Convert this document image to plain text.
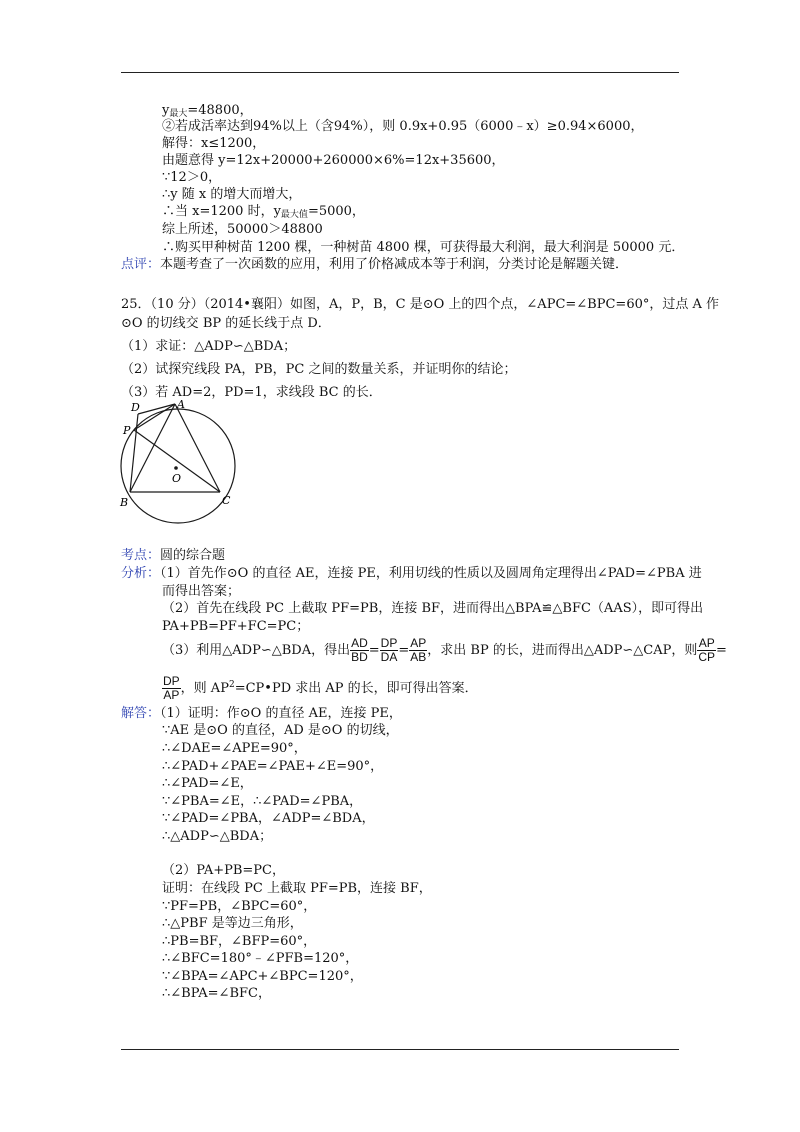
$y_{最大}=48800$，
②若成活率达到94%以上（含94%），则 0.9x+0.95（6000﹣x）≥0.94×6000，
解得：x≤1200，
由题意得 y=12x+20000+260000×6%=12x+35600，
∵12＞0，
∴y 随 x 的增大而增大，
∴当 x=1200 时，$y_{最大值}=5000$，
综上所述，50000＞48800
∴购买甲种树苗 1200 棵，一种树苗 4800 棵，可获得最大利润，最大利润是 50000 元．
点评：本题考查了一次函数的应用，利用了价格减成本等于利润，分类讨论是解题关键．
25．（10 分）（2014•襄阳）如图，A，P，B，C 是⊙O 上的四个点，∠APC=∠BPC=60°，过点 A 作
⊙O 的切线交 BP 的延长线于点 D．
（1）求证：△ADP∽△BDA；
（2）试探究线段 PA，PB，PC 之间的数量关系，并证明你的结论；
（3）若 AD=2，PD=1，求线段 BC 的长．
D	A
P
O
B	C
考点：圆的综合题
分析：（1）首先作⊙O 的直径 AE，连接 PE，利用切线的性质以及圆周角定理得出∠PAD=∠PBA 进
而得出答案；
（2）首先在线段 PC 上截取 PF=PB，连接 BF，进而得出△BPA≌△BFC（AAS），即可得出
PA+PB=PF+FC=PC；
（3）利用△ADP∽△BDA，得出 $\frac{AD}{BD} = \frac{DP}{DA} = \frac{AP}{AB}$ ，求出 BP 的长，进而得出△ADP∽△CAP，则 $\frac{AP}{CP}$ =
$\frac{DP}{AP}$ ，则 $AP^2=CP•PD$ 求出 AP 的长，即可得出答案．
解答：（1）证明：作⊙O 的直径 AE，连接 PE，
∵AE 是⊙O 的直径，AD 是⊙O 的切线，
∴∠DAE=∠APE=90°，
∴∠PAD+∠PAE=∠PAE+∠E=90°，
∴∠PAD=∠E，
∵∠PBA=∠E，∴∠PAD=∠PBA，
∵∠PAD=∠PBA，∠ADP=∠BDA，
∴△ADP∽△BDA；
（2）PA+PB=PC，
证明：在线段 PC 上截取 PF=PB，连接 BF，
∵PF=PB，∠BPC=60°，
∴△PBF 是等边三角形，
∴PB=BF，∠BFP=60°，
∴∠BFC=180°﹣∠PFB=120°，
∵∠BPA=∠APC+∠BPC=120°，
∴∠BPA=∠BFC，
